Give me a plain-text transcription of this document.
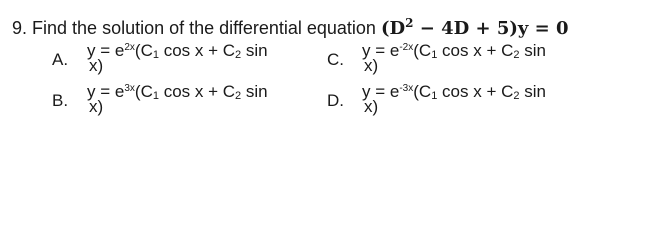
9. Find the solution of the differential equation $(D^2 - 4D + 5)y = 0$
A. $y = e^{2x}(C1$ cos x + C2 sin
x)
B. $y = e^{3x}(C1$ cos x + C2 sin
x)
C. $y = e^{-2x}(C1$ cos x + C2 sin
x)
D. $y = e^{-3x}(C1$ cos x + C2 sin
x)
